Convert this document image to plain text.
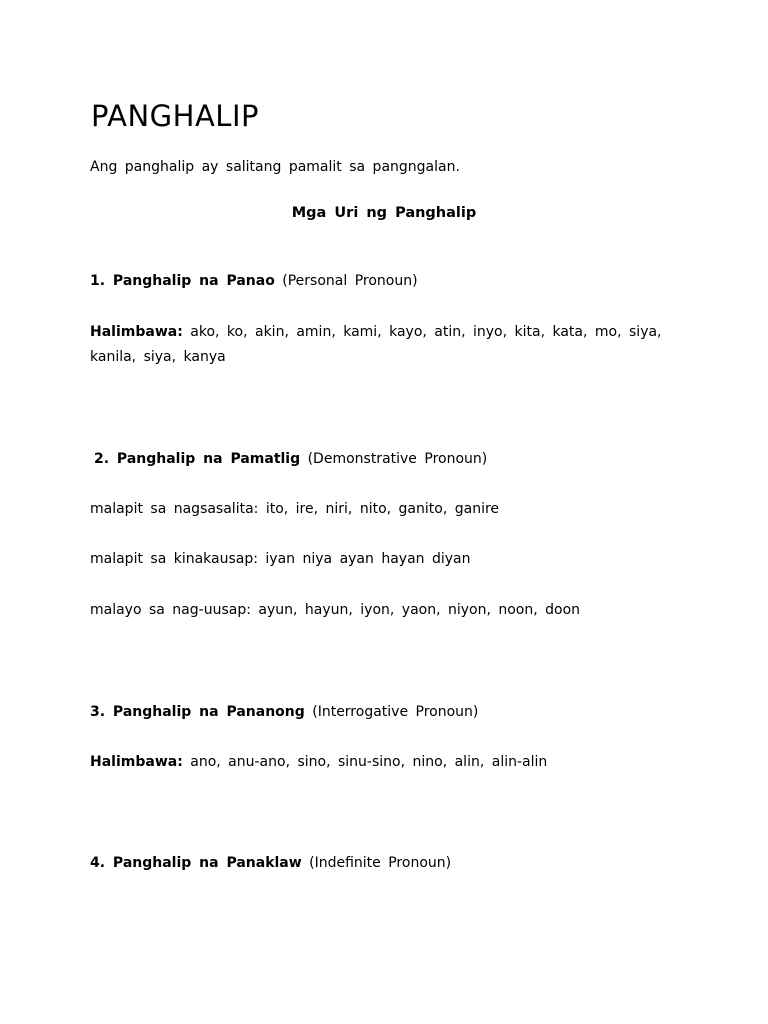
PANGHALIP
Ang panghalip ay salitang pamalit sa pangngalan.
Mga Uri ng Panghalip
1. Panghalip na Panao (Personal Pronoun)
Halimbawa: ako, ko, akin, amin, kami, kayo, atin, inyo, kita, kata, mo, siya, kanila, siya, kanya
2. Panghalip na Pamatlig (Demonstrative Pronoun)
malapit sa nagsasalita: ito, ire, niri, nito, ganito, ganire
malapit sa kinakausap: iyan niya ayan hayan diyan
malayo sa nag-uusap: ayun, hayun, iyon, yaon, niyon, noon, doon
3. Panghalip na Pananong (Interrogative Pronoun)
Halimbawa: ano, anu-ano, sino, sinu-sino, nino, alin, alin-alin
4. Panghalip na Panaklaw (Indefinite Pronoun)
